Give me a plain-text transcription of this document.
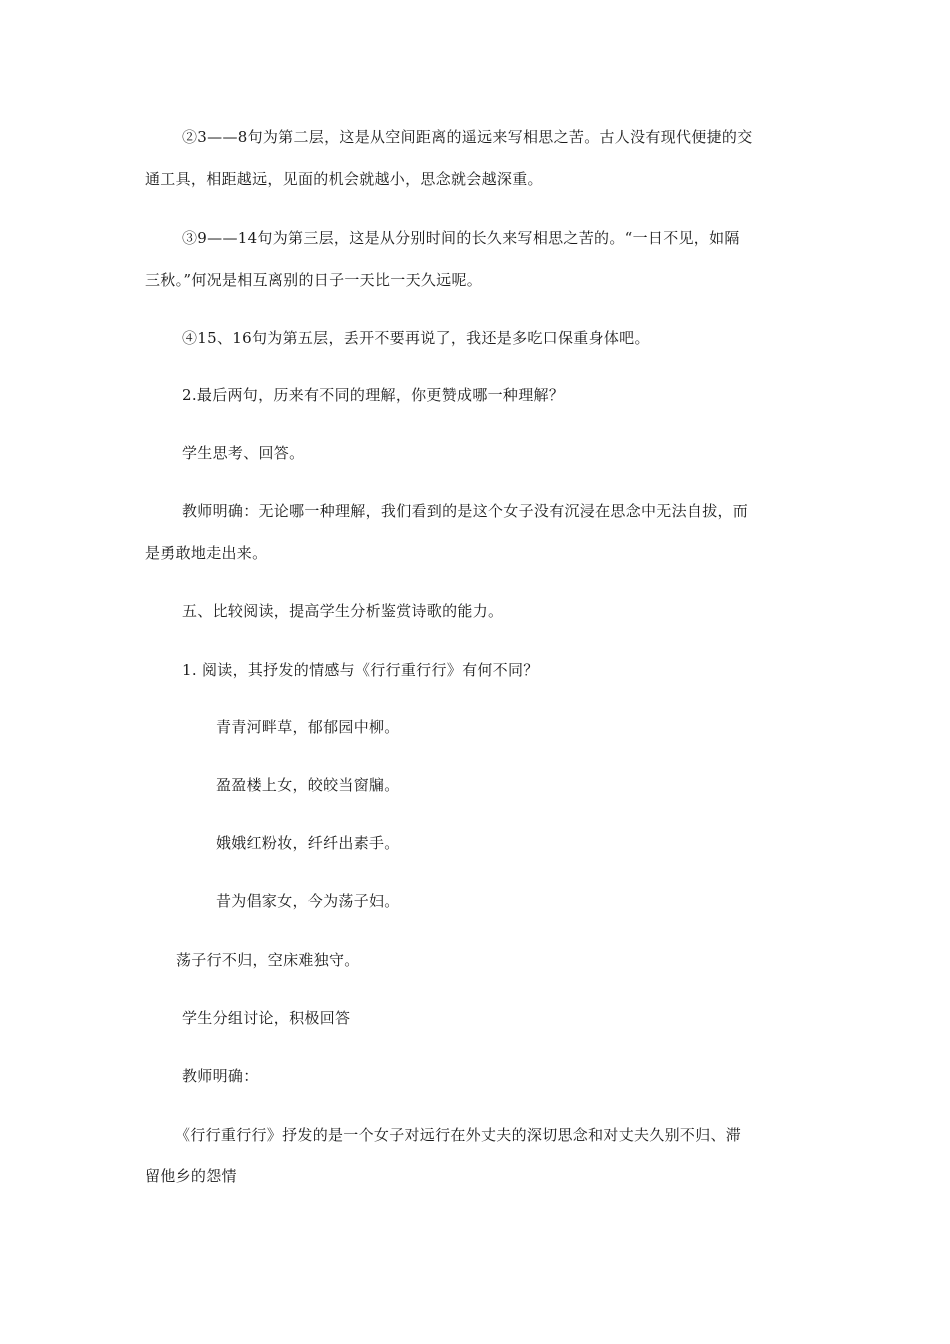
②3——8句为第二层，这是从空间距离的遥远来写相思之苦。古人没有现代便捷的交
通工具，相距越远，见面的机会就越小，思念就会越深重。
③9——14句为第三层，这是从分别时间的长久来写相思之苦的。“一日不见，如隔
三秋。”何况是相互离别的日子一天比一天久远呢。
④15、16句为第五层，丢开不要再说了，我还是多吃口保重身体吧。
2.最后两句，历来有不同的理解，你更赞成哪一种理解？
学生思考、回答。
教师明确：无论哪一种理解，我们看到的是这个女子没有沉浸在思念中无法自拔，而
是勇敢地走出来。
五、比较阅读，提高学生分析鉴赏诗歌的能力。
1. 阅读，其抒发的情感与《行行重行行》有何不同？
青青河畔草，郁郁园中柳。
盈盈楼上女，皎皎当窗牖。
娥娥红粉妆，纤纤出素手。
昔为倡家女，今为荡子妇。
荡子行不归，空床难独守。
学生分组讨论，积极回答
教师明确：
《行行重行行》抒发的是一个女子对远行在外丈夫的深切思念和对丈夫久别不归、滞
留他乡的怨情
